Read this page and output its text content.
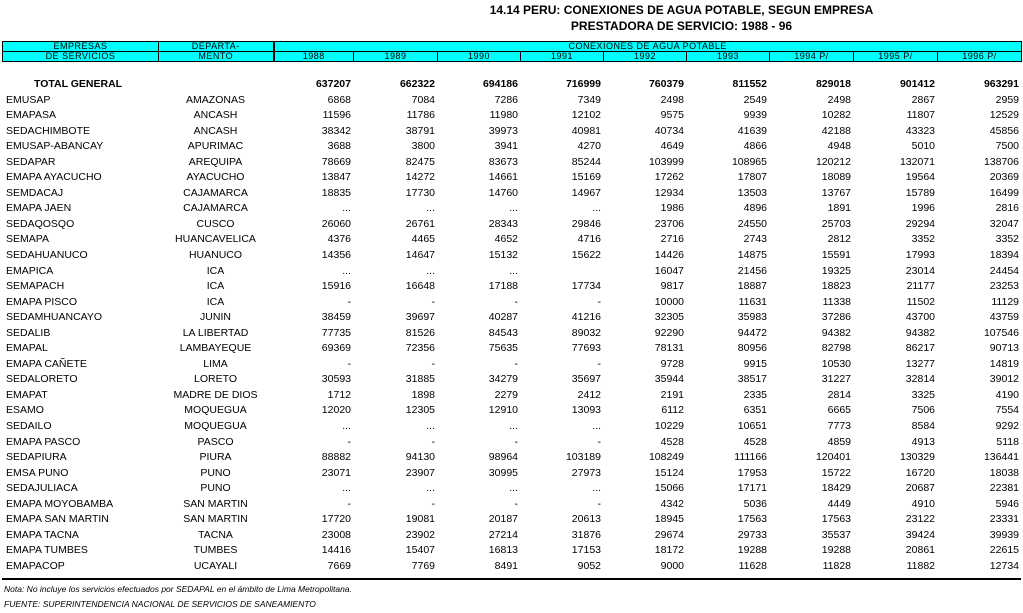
14.14 PERU: CONEXIONES DE AGUA POTABLE, SEGUN EMPRESA
PRESTADORA DE SERVICIO: 1988 - 96
EMPRESAS	DEPARTA-	CONEXIONES DE AGUA POTABLE								
DE SERVICIOS	MENTO	1988	1989	1990	1991	1992	1993	1994 P/	1995 P/	1996 P/
TOTAL GENERAL		637207	662322	694186	716999	760379	811552	829018	901412	963291
EMUSAP	AMAZONAS	6868	7084	7286	7349	2498	2549	2498	2867	2959
EMAPASA	ANCASH	11596	11786	11980	12102	9575	9939	10282	11807	12529
SEDACHIMBOTE	ANCASH	38342	38791	39973	40981	40734	41639	42188	43323	45856
EMUSAP-ABANCAY	APURIMAC	3688	3800	3941	4270	4649	4866	4948	5010	7500
SEDAPAR	AREQUIPA	78669	82475	83673	85244	103999	108965	120212	132071	138706
EMAPA AYACUCHO	AYACUCHO	13847	14272	14661	15169	17262	17807	18089	19564	20369
SEMDACAJ	CAJAMARCA	18835	17730	14760	14967	12934	13503	13767	15789	16499
EMAPA JAEN	CAJAMARCA	...	...	...	...	1986	4896	1891	1996	2816
SEDAQOSQO	CUSCO	26060	26761	28343	29846	23706	24550	25703	29294	32047
SEMAPA	HUANCAVELICA	4376	4465	4652	4716	2716	2743	2812	3352	3352
SEDAHUANUCO	HUANUCO	14356	14647	15132	15622	14426	14875	15591	17993	18394
EMAPICA	ICA	...	...	...		16047	21456	19325	23014	24454
SEMAPACH	ICA	15916	16648	17188	17734	9817	18887	18823	21177	23253
EMAPA PISCO	ICA	-	-	-	-	10000	11631	11338	11502	11129
SEDAMHUANCAYO	JUNIN	38459	39697	40287	41216	32305	35983	37286	43700	43759
SEDALIB	LA LIBERTAD	77735	81526	84543	89032	92290	94472	94382	94382	107546
EMAPAL	LAMBAYEQUE	69369	72356	75635	77693	78131	80956	82798	86217	90713
EMAPA CAÑETE	LIMA	-	-	-	-	9728	9915	10530	13277	14819
SEDALORETO	LORETO	30593	31885	34279	35697	35944	38517	31227	32814	39012
EMAPAT	MADRE DE DIOS	1712	1898	2279	2412	2191	2335	2814	3325	4190
ESAMO	MOQUEGUA	12020	12305	12910	13093	6112	6351	6665	7506	7554
SEDAILO	MOQUEGUA	...	...	...	...	10229	10651	7773	8584	9292
EMAPA PASCO	PASCO	-	-	-	-	4528	4528	4859	4913	5118
SEDAPIURA	PIURA	88882	94130	98964	103189	108249	111166	120401	130329	136441
EMSA PUNO	PUNO	23071	23907	30995	27973	15124	17953	15722	16720	18038
SEDAJULIACA	PUNO	...	...	...	...	15066	17171	18429	20687	22381
EMAPA MOYOBAMBA	SAN MARTIN	-	-	-	-	4342	5036	4449	4910	5946
EMAPA SAN MARTIN	SAN MARTIN	17720	19081	20187	20613	18945	17563	17563	23122	23331
EMAPA TACNA	TACNA	23008	23902	27214	31876	29674	29733	35537	39424	39939
EMAPA TUMBES	TUMBES	14416	15407	16813	17153	18172	19288	19288	20861	22615
EMAPACOP	UCAYALI	7669	7769	8491	9052	9000	11628	11828	11882	12734
Nota: No incluye los servicios efectuados por SEDAPAL en el ámbito de Lima Metropolitana.
FUENTE: SUPERINTENDENCIA NACIONAL DE SERVICIOS DE SANEAMIENTO
